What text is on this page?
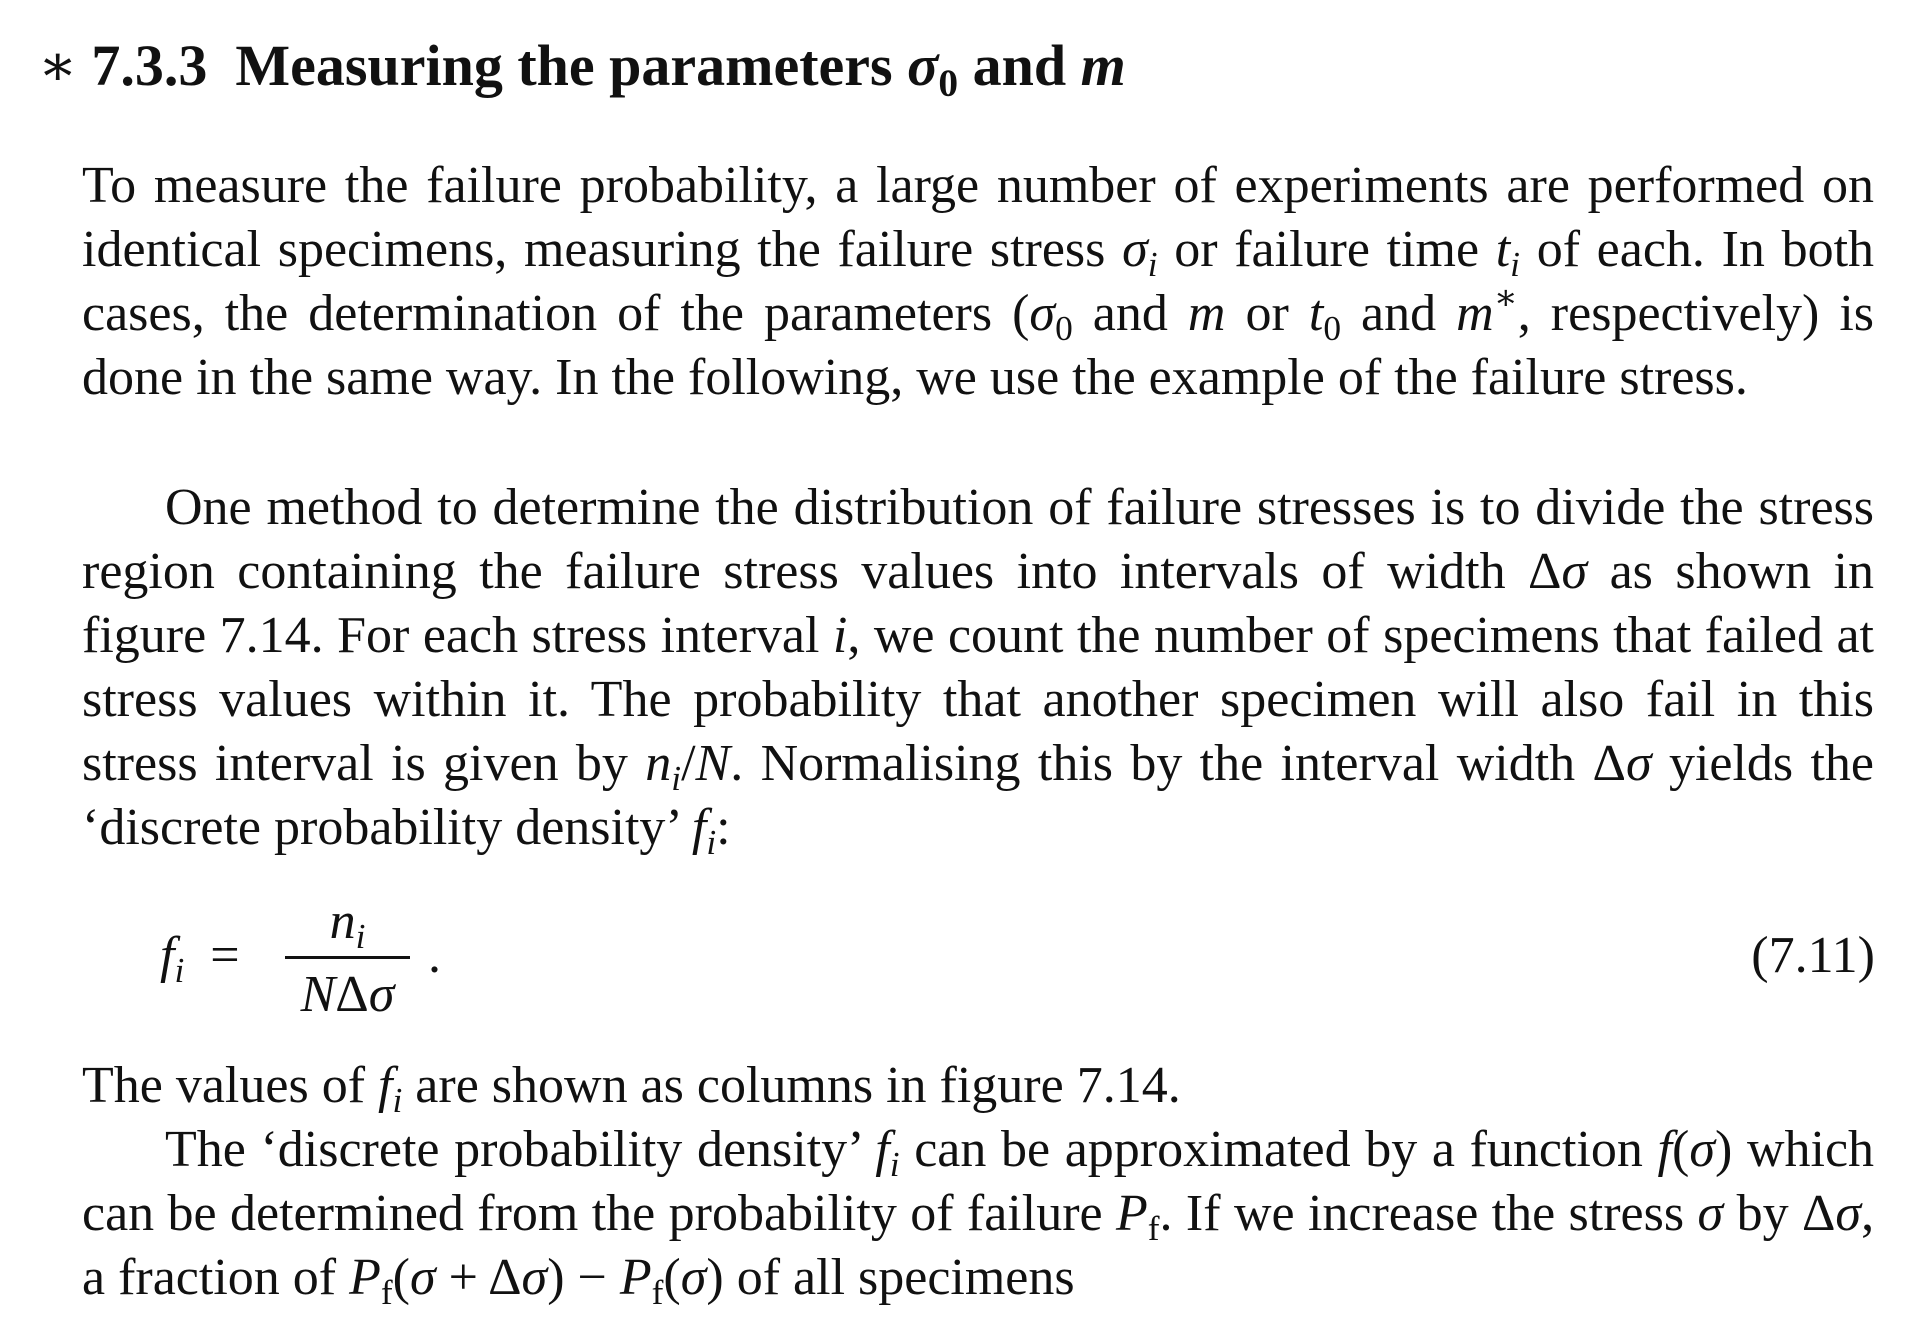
∗ 7.3.3 Measuring the parameters $\sigma_0$ and m
To measure the failure probability, a large number of experiments are performed on identical specimens, measuring the failure stress $\sigma_i$ or failure time $t_i$ of each. In both cases, the determination of the parameters ($\sigma_0$ and m or $t_0$ and m∗, respectively) is done in the same way. In the following, we use the example of the failure stress.
One method to determine the distribution of failure stresses is to divide the stress region containing the failure stress values into intervals of width Δσ as shown in figure 7.14. For each stress interval i, we count the number of specimens that failed at stress values within it. The probability that another specimen will also fail in this stress interval is given by $n_i/N$. Normalising this by the interval width Δσ yields the ‘discrete probability density’ $f_i$:
$f_i$ =
$n_i$
NΔσ
.	(7.11)
The values of $f_i$ are shown as columns in figure 7.14.
The ‘discrete probability density’ $f_i$ can be approximated by a function f(σ) which can be determined from the probability of failure $P_f$. If we increase the stress σ by Δσ, a fraction of $P_f(\sigma + \Delta\sigma) - P_f(\sigma)$ of all specimens
